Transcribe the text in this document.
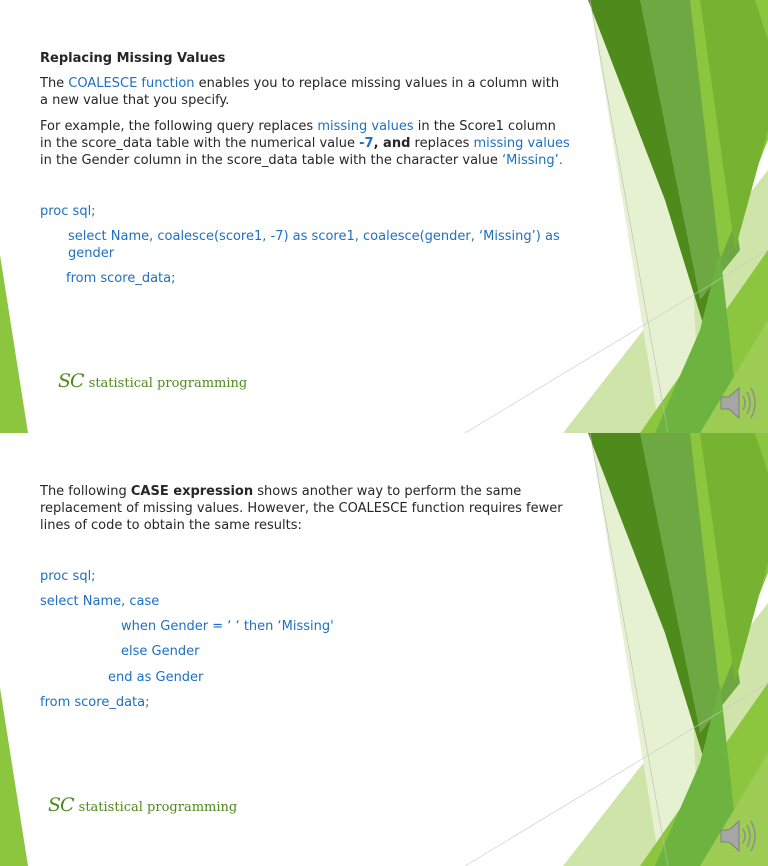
Replacing Missing Values
The COALESCE function enables you to replace missing values in a column with a new value that you specify.
For example, the following query replaces missing values in the Score1 column in the score_data table with the numerical value -7, and replaces missing values in the Gender column in the score_data table with the character value ‘Missing’.
proc sql;
select Name, coalesce(score1, -7) as score1, coalesce(gender, ‘Missing’) as gender
from score_data;
SC statistical programming
The following CASE expression shows another way to perform the same replacement of missing values. However, the COALESCE function requires fewer lines of code to obtain the same results:
proc sql;
select Name, case
when Gender = ‘ ‘ then ‘Missing'
else Gender
end as Gender
from score_data;
SC statistical programming
